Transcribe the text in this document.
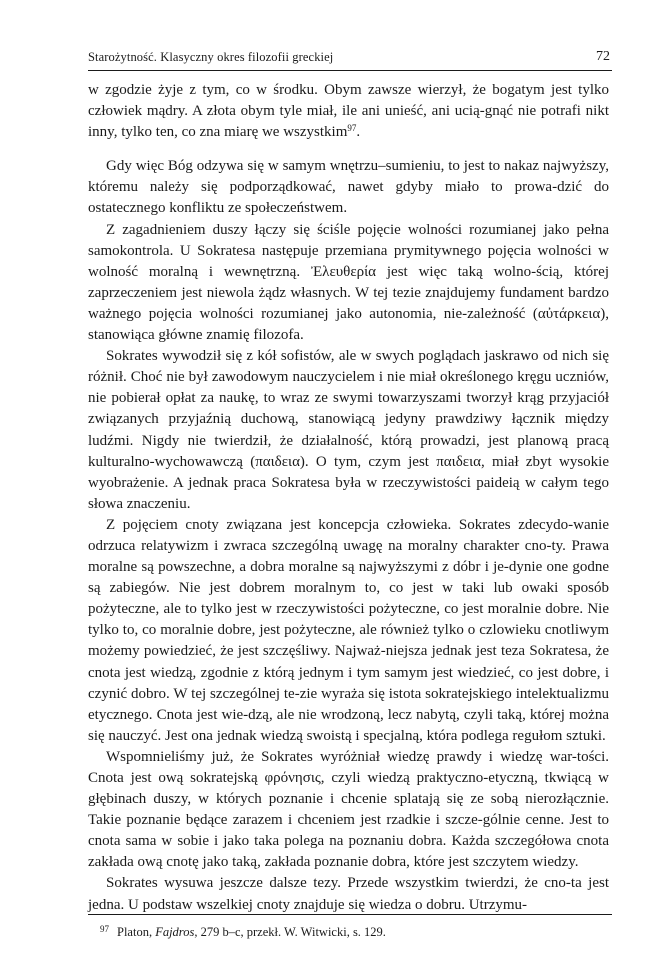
Starożytność. Klasyczny okres filozofii greckiej	72

w zgodzie żyje z tym, co w środku. Obym zawsze wierzył, że bogatym jest tylko człowiek mądry. A złota obym tyle miał, ile ani unieść, ani ucią-gnąć nie potrafi nikt inny, tylko ten, co zna miarę we wszystkim$^{97}$.

Gdy więc Bóg odzywa się w samym wnętrzu–sumieniu, to jest to nakaz najwyższy, któremu należy się podporządkować, nawet gdyby miało to prowa-dzić do ostatecznego konfliktu ze społeczeństwem.

Z zagadnieniem duszy łączy się ściśle pojęcie wolności rozumianej jako pełna samokontrola. U Sokratesa następuje przemiana prymitywnego pojęcia wolności w wolność moralną i wewnętrzną. Ἐλευθερία jest więc taką wolno-ścią, której zaprzeczeniem jest niewola żądz własnych. W tej tezie znajdujemy fundament bardzo ważnego pojęcia wolności rozumianej jako autonomia, nie-zależność (αὐτάρκεια), stanowiąca główne znamię filozofa.

Sokrates wywodził się z kół sofistów, ale w swych poglądach jaskrawo od nich się różnił. Choć nie był zawodowym nauczycielem i nie miał określonego kręgu uczniów, nie pobierał opłat za naukę, to wraz ze swymi towarzyszami tworzył krąg przyjaciół związanych przyjaźnią duchową, stanowiącą jedyny prawdziwy łącznik między ludźmi. Nigdy nie twierdził, że działalność, którą prowadzi, jest planową pracą kulturalno-wychowawczą (παιδεια). O tym, czym jest παιδεια, miał zbyt wysokie wyobrażenie. A jednak praca Sokratesa była w rzeczywistości paideią w całym tego słowa znaczeniu.

Z pojęciem cnoty związana jest koncepcja człowieka. Sokrates zdecydo-wanie odrzuca relatywizm i zwraca szczególną uwagę na moralny charakter cno-ty. Prawa moralne są powszechne, a dobra moralne są najwyższymi z dóbr i je-dynie one godne są zabiegów. Nie jest dobrem moralnym to, co jest w taki lub owaki sposób pożyteczne, ale to tylko jest w rzeczywistości pożyteczne, co jest moralnie dobre. Nie tylko to, co moralnie dobre, jest pożyteczne, ale również tylko o czlowieku cnotliwym możemy powiedzieć, że jest szczęśliwy. Najważ-niejsza jednak jest teza Sokratesa, że cnota jest wiedzą, zgodnie z którą jednym i tym samym jest wiedzieć, co jest dobre, i czynić dobro. W tej szczególnej te-zie wyraża się istota sokratejskiego intelektualizmu etycznego. Cnota jest wie-dzą, ale nie wrodzoną, lecz nabytą, czyli taką, której można się nauczyć. Jest ona jednak wiedzą swoistą i specjalną, która podlega regułom sztuki.

Wspomnieliśmy już, że Sokrates wyróżniał wiedzę prawdy i wiedzę war-tości. Cnota jest ową sokratejską φρόνησις, czyli wiedzą praktyczno-etyczną, tkwiącą w głębinach duszy, w których poznanie i chcenie splatają się ze sobą nierozłącznie. Takie poznanie będące zarazem i chceniem jest rzadkie i szcze-gólnie cenne. Jest to cnota sama w sobie i jako taka polega na poznaniu dobra. Każda szczegółowa cnota zakłada ową cnotę jako taką, zakłada poznanie dobra, które jest szczytem wiedzy.

Sokrates wysuwa jeszcze dalsze tezy. Przede wszystkim twierdzi, że cno-ta jest jedna. U podstaw wszelkiej cnoty znajduje się wiedza o dobru. Utrzymu-

$^{97}$ Platon, Fajdros, 279 b–c, przekł. W. Witwicki, s. 129.
